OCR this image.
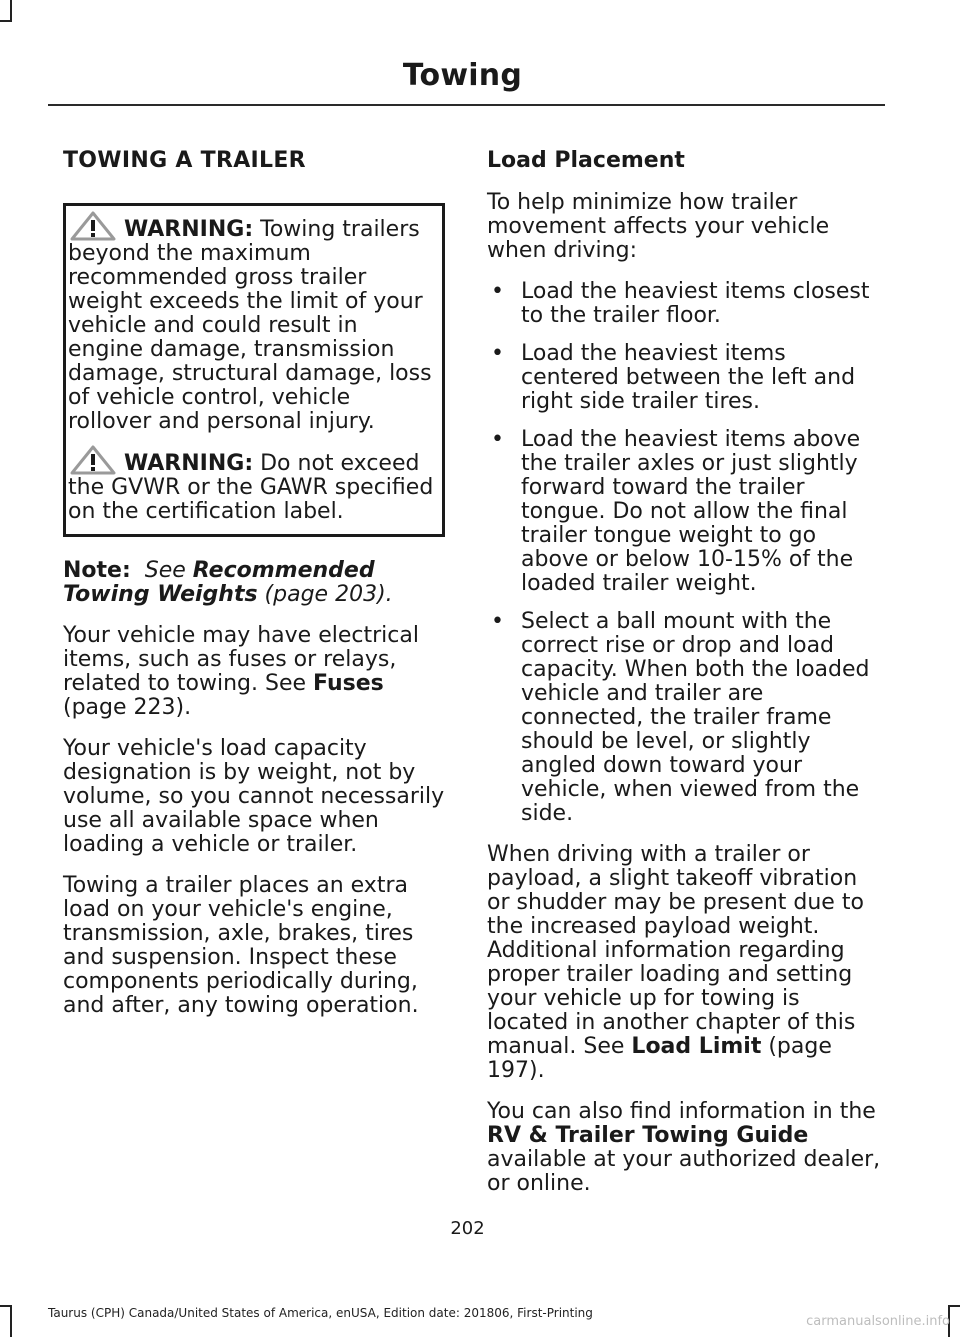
Towing
TOWING A TRAILER
WARNING: Towing trailers beyond the maximum recommended gross trailer weight exceeds the limit of your vehicle and could result in engine damage, transmission damage, structural damage, loss of vehicle control, vehicle rollover and personal injury.
WARNING: Do not exceed the GVWR or the GAWR specified on the certification label.

Note: See Recommended Towing Weights (page 203).

Your vehicle may have electrical items, such as fuses or relays, related to towing. See Fuses (page 223).

Your vehicle's load capacity designation is by weight, not by volume, so you cannot necessarily use all available space when loading a vehicle or trailer.

Towing a trailer places an extra load on your vehicle's engine, transmission, axle, brakes, tires and suspension. Inspect these components periodically during, and after, any towing operation.

Load Placement

To help minimize how trailer movement affects your vehicle when driving:

• Load the heaviest items closest to the trailer floor.
• Load the heaviest items centered between the left and right side trailer tires.
• Load the heaviest items above the trailer axles or just slightly forward toward the trailer tongue. Do not allow the final trailer tongue weight to go above or below 10-15% of the loaded trailer weight.
• Select a ball mount with the correct rise or drop and load capacity. When both the loaded vehicle and trailer are connected, the trailer frame should be level, or slightly angled down toward your vehicle, when viewed from the side.

When driving with a trailer or payload, a slight takeoff vibration or shudder may be present due to the increased payload weight. Additional information regarding proper trailer loading and setting your vehicle up for towing is located in another chapter of this manual. See Load Limit (page 197).

You can also find information in the RV & Trailer Towing Guide available at your authorized dealer, or online.

202
Taurus (CPH) Canada/United States of America, enUSA, Edition date: 201806, First-Printing
carmanualsonline.info
